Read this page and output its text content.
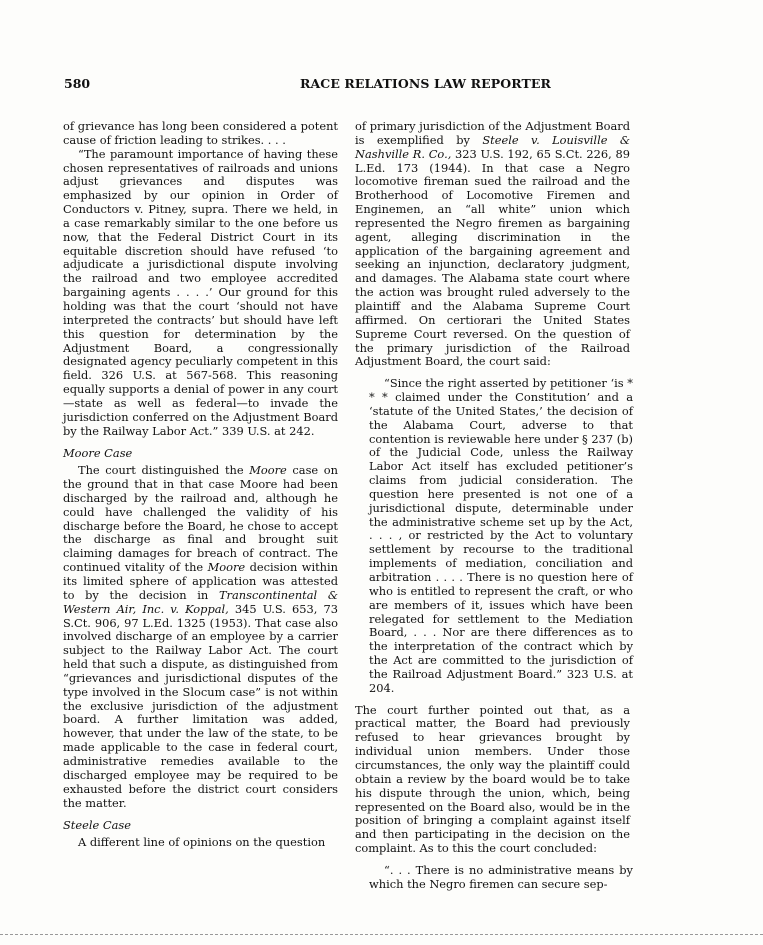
580	RACE RELATIONS LAW REPORTER

of grievance has long been considered a potent cause of friction leading to strikes. . . .

“The paramount importance of having these chosen representatives of railroads and unions adjust grievances and disputes was emphasized by our opinion in Order of Conductors v. Pitney, supra. There we held, in a case remarkably similar to the one before us now, that the Federal District Court in its equitable discretion should have refused ‘to adjudicate a jurisdictional dispute involving the railroad and two employee accredited bargaining agents . . . .’ Our ground for this holding was that the court ‘should not have interpreted the contracts’ but should have left this question for determination by the Adjustment Board, a congressionally designated agency peculiarly competent in this field. 326 U.S. at 567-568. This reasoning equally supports a denial of power in any court—state as well as federal—to invade the jurisdiction conferred on the Adjustment Board by the Railway Labor Act.” 339 U.S. at 242.

Moore Case

The court distinguished the Moore case on the ground that in that case Moore had been discharged by the railroad and, although he could have challenged the validity of his discharge before the Board, he chose to accept the discharge as final and brought suit claiming damages for breach of contract. The continued vitality of the Moore decision within its limited sphere of application was attested to by the decision in Transcontinental & Western Air, Inc. v. Koppal, 345 U.S. 653, 73 S.Ct. 906, 97 L.Ed. 1325 (1953). That case also involved discharge of an employee by a carrier subject to the Railway Labor Act. The court held that such a dispute, as distinguished from “grievances and jurisdictional disputes of the type involved in the Slocum case” is not within the exclusive jurisdiction of the adjustment board. A further limitation was added, however, that under the law of the state, to be made applicable to the case in federal court, administrative remedies available to the discharged employee may be required to be exhausted before the district court considers the matter.

Steele Case

A different line of opinions on the question

of primary jurisdiction of the Adjustment Board is exemplified by Steele v. Louisville & Nashville R. Co., 323 U.S. 192, 65 S.Ct. 226, 89 L.Ed. 173 (1944). In that case a Negro locomotive fireman sued the railroad and the Brotherhood of Locomotive Firemen and Enginemen, an “all white” union which represented the Negro firemen as bargaining agent, alleging discrimination in the application of the bargaining agreement and seeking an injunction, declaratory judgment, and damages. The Alabama state court where the action was brought ruled adversely to the plaintiff and the Alabama Supreme Court affirmed. On certiorari the United States Supreme Court reversed. On the question of the primary jurisdiction of the Railroad Adjustment Board, the court said:

“Since the right asserted by petitioner ‘is * * * claimed under the Constitution’ and a ‘statute of the United States,’ the decision of the Alabama Court, adverse to that contention is reviewable here under § 237 (b) of the Judicial Code, unless the Railway Labor Act itself has excluded petitioner’s claims from judicial consideration. The question here presented is not one of a jurisdictional dispute, determinable under the administrative scheme set up by the Act, . . . , or restricted by the Act to voluntary settlement by recourse to the traditional implements of mediation, conciliation and arbitration . . . . There is no question here of who is entitled to represent the craft, or who are members of it, issues which have been relegated for settlement to the Mediation Board, . . . Nor are there differences as to the interpretation of the contract which by the Act are committed to the jurisdiction of the Railroad Adjustment Board.” 323 U.S. at 204.

The court further pointed out that, as a practical matter, the Board had previously refused to hear grievances brought by individual union members. Under those circumstances, the only way the plaintiff could obtain a review by the board would be to take his dispute through the union, which, being represented on the Board also, would be in the position of bringing a complaint against itself and then participating in the decision on the complaint. As to this the court concluded:

“. . . There is no administrative means by which the Negro firemen can secure sep-
